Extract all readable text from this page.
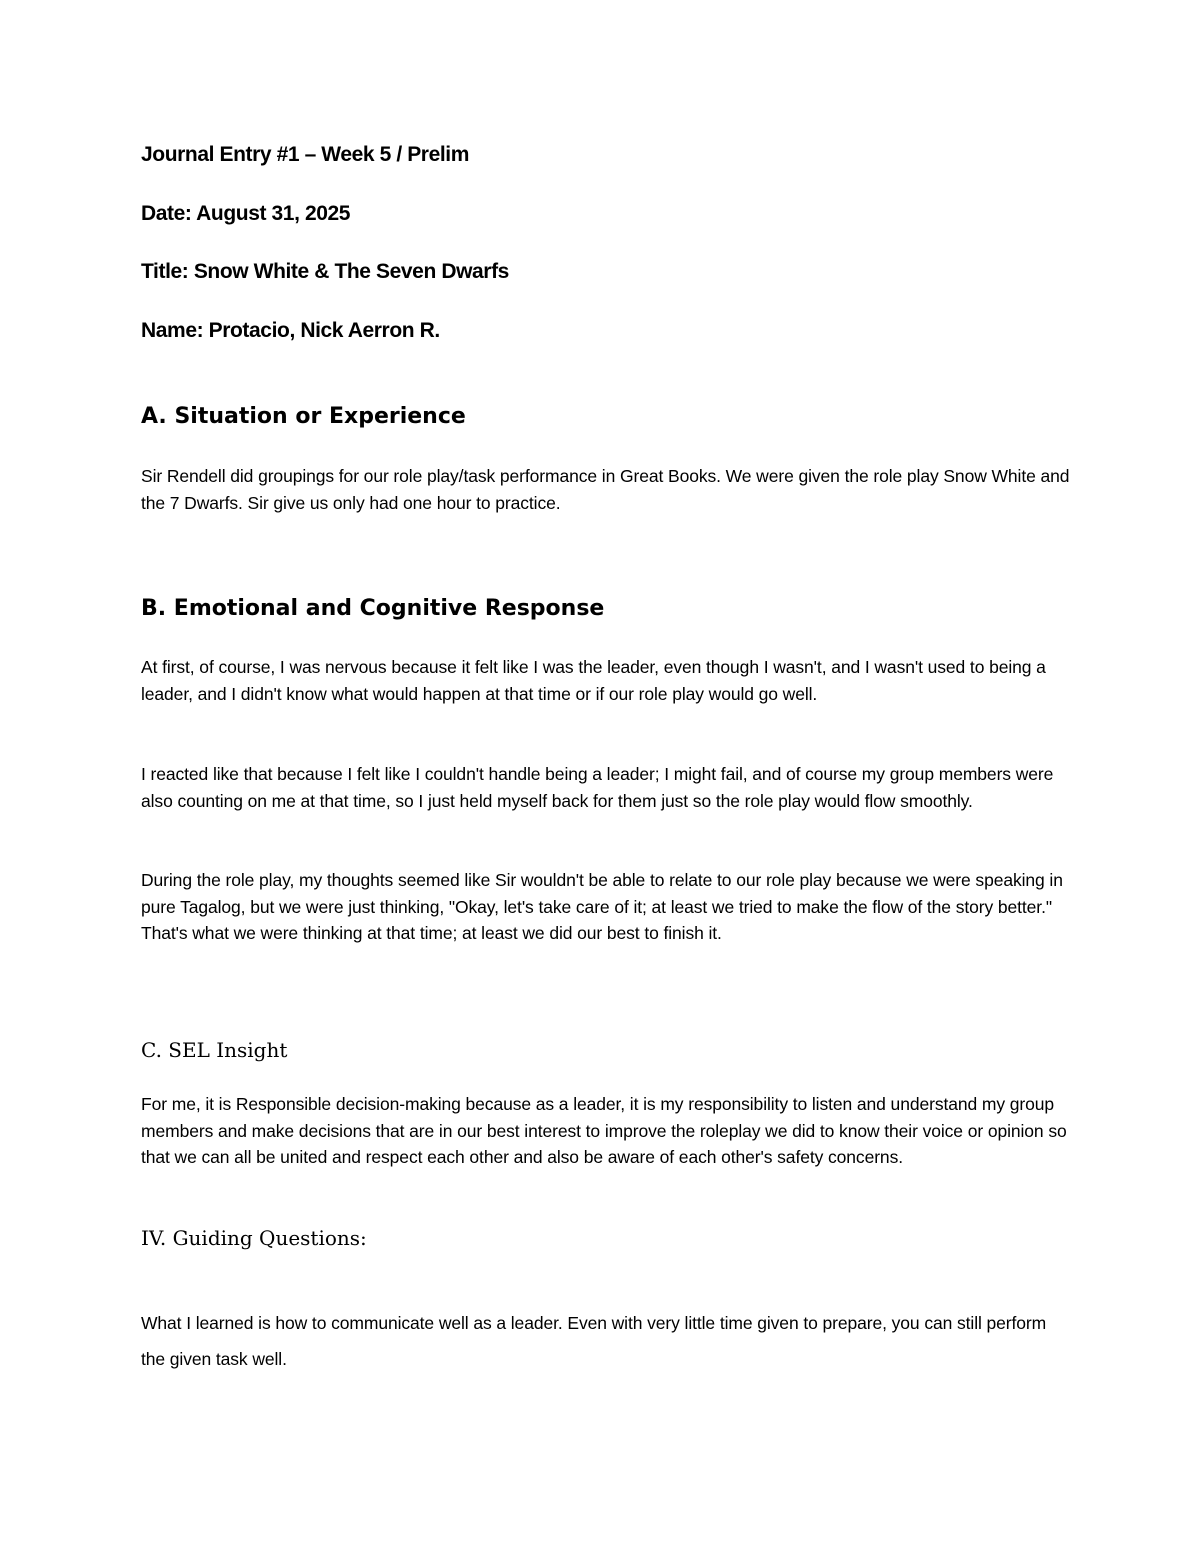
Journal Entry #1 – Week 5 / Prelim

Date: August 31, 2025

Title: Snow White & The Seven Dwarfs

Name: Protacio, Nick Aerron R.

A. Situation or Experience

Sir Rendell did groupings for our role play/task performance in Great Books. We were given the role play Snow White and the 7 Dwarfs. Sir give us only had one hour to practice.

B. Emotional and Cognitive Response

At first, of course, I was nervous because it felt like I was the leader, even though I wasn't, and I wasn't used to being a leader, and I didn't know what would happen at that time or if our role play would go well.

I reacted like that because I felt like I couldn't handle being a leader; I might fail, and of course my group members were also counting on me at that time, so I just held myself back for them just so the role play would flow smoothly.

During the role play, my thoughts seemed like Sir wouldn't be able to relate to our role play because we were speaking in pure Tagalog, but we were just thinking, "Okay, let's take care of it; at least we tried to make the flow of the story better." That's what we were thinking at that time; at least we did our best to finish it.

C. SEL Insight

For me, it is Responsible decision-making because as a leader, it is my responsibility to listen and understand my group members and make decisions that are in our best interest to improve the roleplay we did to know their voice or opinion so that we can all be united and respect each other and also be aware of each other's safety concerns.

IV. Guiding Questions:

What I learned is how to communicate well as a leader. Even with very little time given to prepare, you can still perform the given task well.
